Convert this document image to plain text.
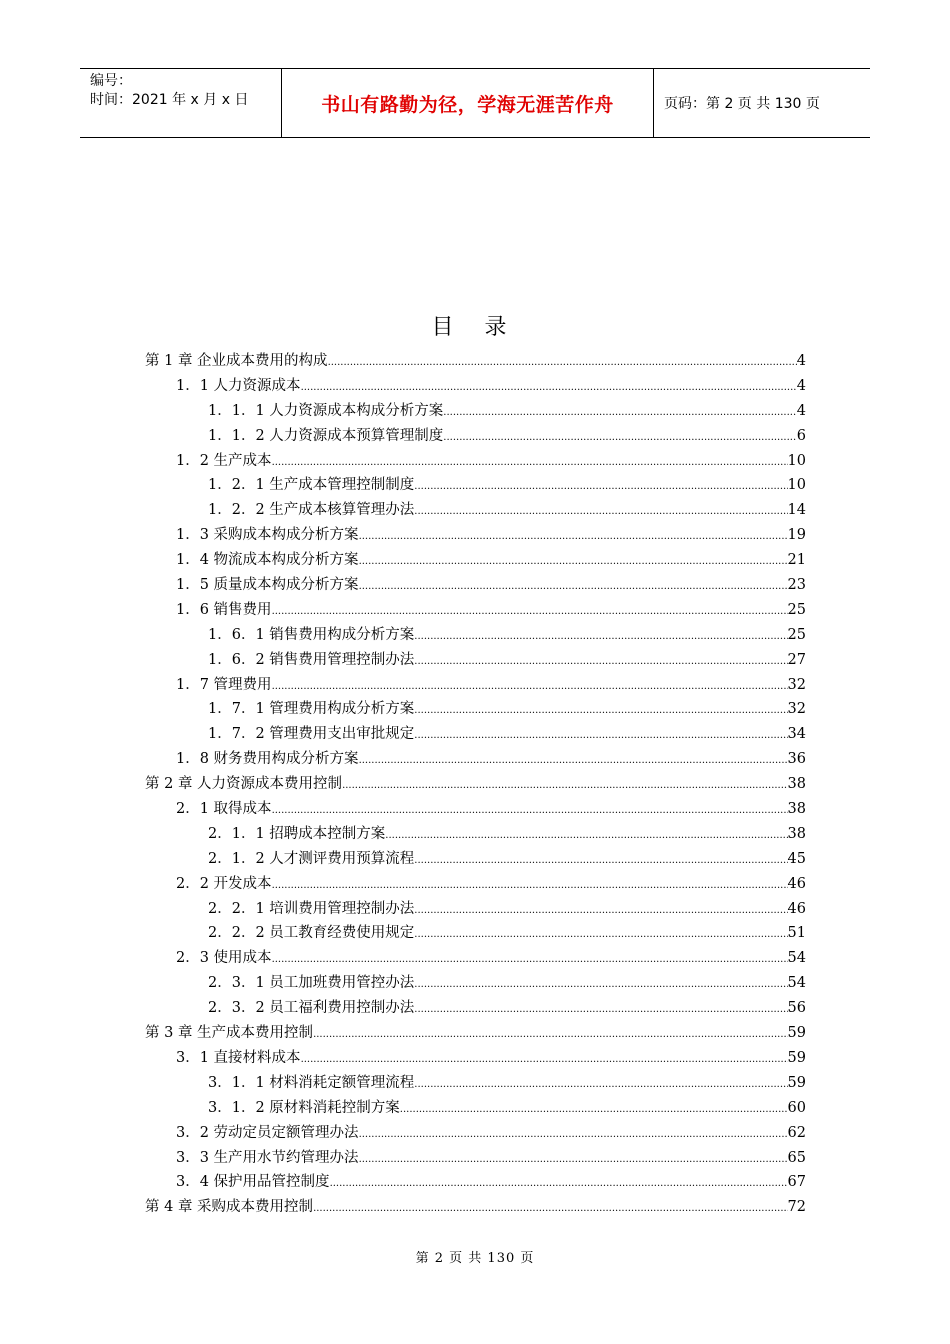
编号：
时间：2021 年 x 月 x 日	书山有路勤为径，学海无涯苦作舟	页码：第 2 页 共 130 页
目 录
第 1 章 企业成本费用的构成 .....	4
1．1 人力资源成本 .....	4
1．1．1 人力资源成本构成分析方案 .....	4
1．1．2 人力资源成本预算管理制度 .....	6
1．2 生产成本 .....	10
1．2．1 生产成本管理控制制度 .....	10
1．2．2 生产成本核算管理办法 .....	14
1．3 采购成本构成分析方案 .....	19
1．4 物流成本构成分析方案 .....	21
1．5 质量成本构成分析方案 .....	23
1．6 销售费用 .....	25
1．6．1 销售费用构成分析方案 .....	25
1．6．2 销售费用管理控制办法 .....	27
1．7 管理费用 .....	32
1．7．1 管理费用构成分析方案 .....	32
1．7．2 管理费用支出审批规定 .....	34
1．8 财务费用构成分析方案 .....	36
第 2 章 人力资源成本费用控制 .....	38
2．1 取得成本 .....	38
2．1．1 招聘成本控制方案 .....	38
2．1．2 人才测评费用预算流程 .....	45
2．2 开发成本 .....	46
2．2．1 培训费用管理控制办法 .....	46
2．2．2 员工教育经费使用规定 .....	51
2．3 使用成本 .....	54
2．3．1 员工加班费用管控办法 .....	54
2．3．2 员工福利费用控制办法 .....	56
第 3 章 生产成本费用控制 .....	59
3．1 直接材料成本 .....	59
3．1．1 材料消耗定额管理流程 .....	59
3．1．2 原材料消耗控制方案 .....	60
3．2 劳动定员定额管理办法 .....	62
3．3 生产用水节约管理办法 .....	65
3．4 保护用品管控制度 .....	67
第 4 章 采购成本费用控制 .....	72
第 2 页 共 130 页
